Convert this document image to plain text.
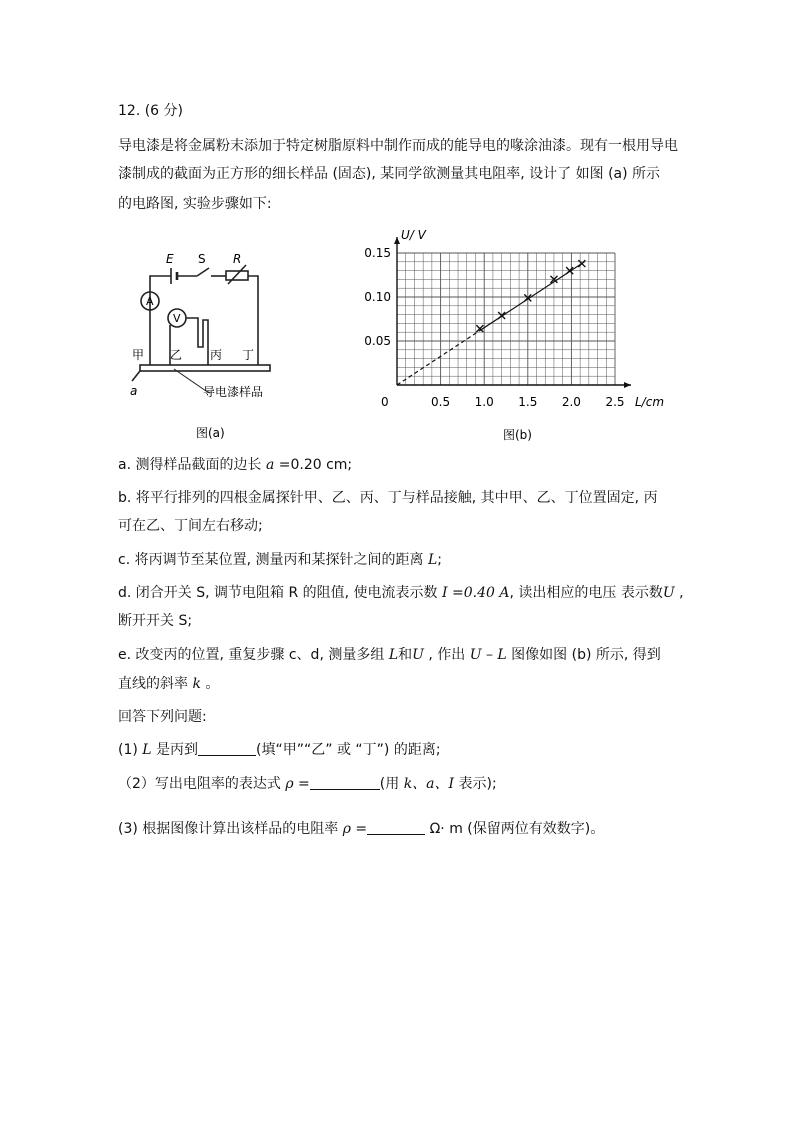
12. (6 分)
导电漆是将金属粉末添加于特定树脂原料中制作而成的能导电的喙涂油漆。现有一根用导电
漆制成的截面为正方形的细长样品 (固态), 某同学欲测量其电阻率, 设计了 如图 (a) 所示
的电路图, 实验步骤如下:
E S R
A
V
甲 乙 丙 丁
a	导电漆样品
图(a)
0.5 1.0 1.5 2.0 2.5
0.05
0.10
0.15
0	L/cm
U/ V
图(b)
a. 测得样品截面的边长 a =0.20 cm;
b. 将平行排列的四根金属探针甲、乙、丙、丁与样品接触, 其中甲、乙、丁位置固定, 丙
可在乙、丁间左右移动;
c. 将丙调节至某位置, 测量丙和某探针之间的距离 L;
d. 闭合开关 S, 调节电阻箱 R 的阻值, 使电流表示数 I =0.40 A, 读出相应的电压 表示数U ,
断开开关 S;
e. 改变丙的位置, 重复步骤 c、d, 测量多组 L和U , 作出 U – L 图像如图 (b) 所示, 得到
直线的斜率 k 。
回答下列问题:
(1) L 是丙到	(填“甲”“乙” 或 “丁”) 的距离;
（2）写出电阻率的表达式 ρ =	(用 k、a、I 表示);
(3) 根据图像计算出该样品的电阻率 ρ =	Ω· m (保留两位有效数字)。
